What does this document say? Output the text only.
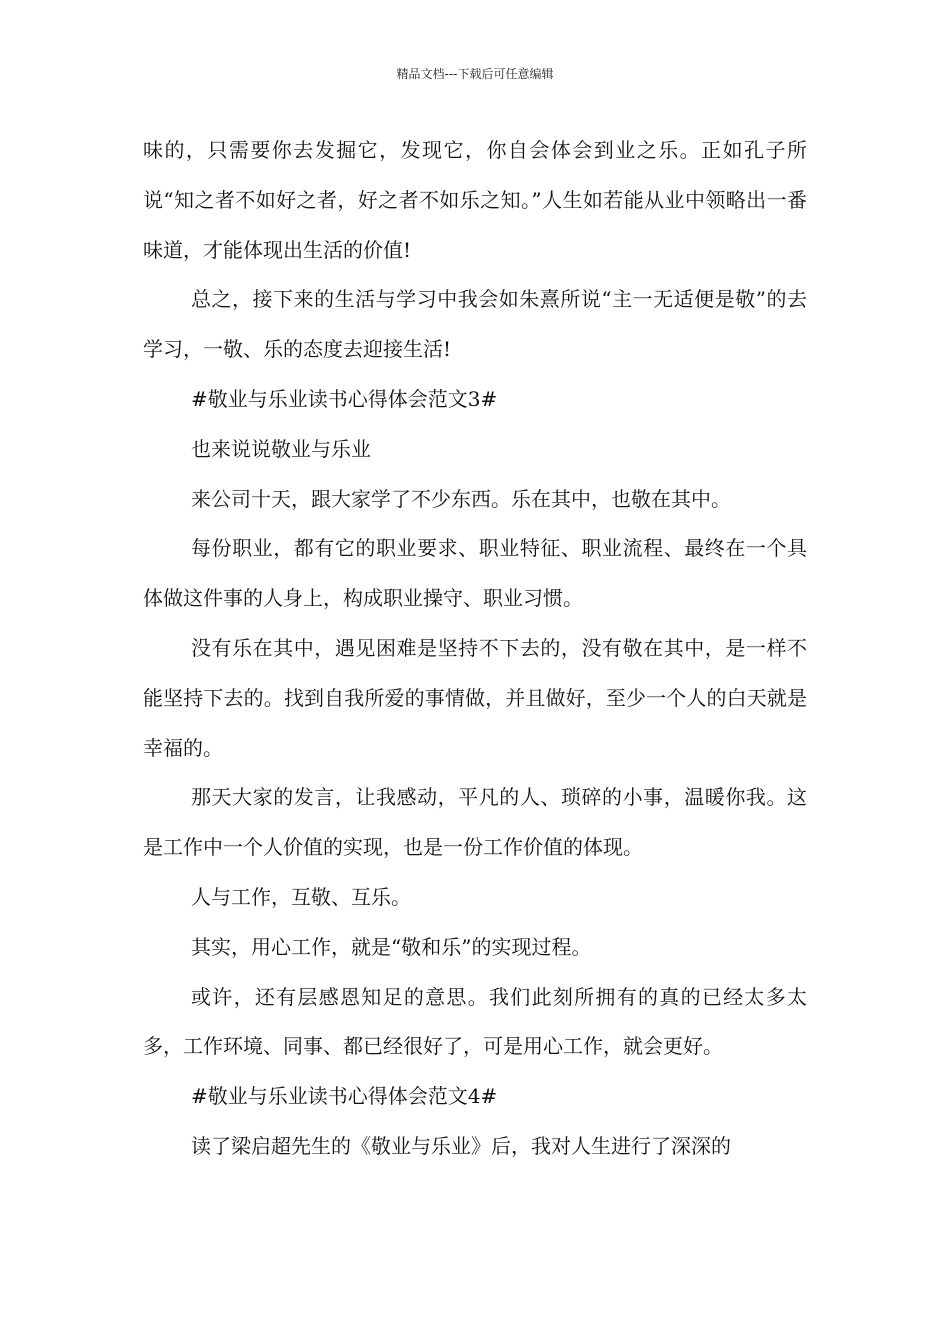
精品文档---下载后可任意编辑

味的，只需要你去发掘它，发现它，你自会体会到业之乐。正如孔子所说“知之者不如好之者，好之者不如乐之知。”人生如若能从业中领略出一番味道，才能体现出生活的价值!

总之，接下来的生活与学习中我会如朱熹所说“主一无适便是敬”的去学习，一敬、乐的态度去迎接生活!

#敬业与乐业读书心得体会范文3#

也来说说敬业与乐业

来公司十天，跟大家学了不少东西。乐在其中，也敬在其中。

每份职业，都有它的职业要求、职业特征、职业流程、最终在一个具体做这件事的人身上，构成职业操守、职业习惯。

没有乐在其中，遇见困难是坚持不下去的，没有敬在其中，是一样不能坚持下去的。找到自我所爱的事情做，并且做好，至少一个人的白天就是幸福的。

那天大家的发言，让我感动，平凡的人、琐碎的小事，温暖你我。这是工作中一个人价值的实现，也是一份工作价值的体现。

人与工作，互敬、互乐。

其实，用心工作，就是“敬和乐”的实现过程。

或许，还有层感恩知足的意思。我们此刻所拥有的真的已经太多太多，工作环境、同事、都已经很好了，可是用心工作，就会更好。

#敬业与乐业读书心得体会范文4#

读了梁启超先生的《敬业与乐业》后，我对人生进行了深深的
